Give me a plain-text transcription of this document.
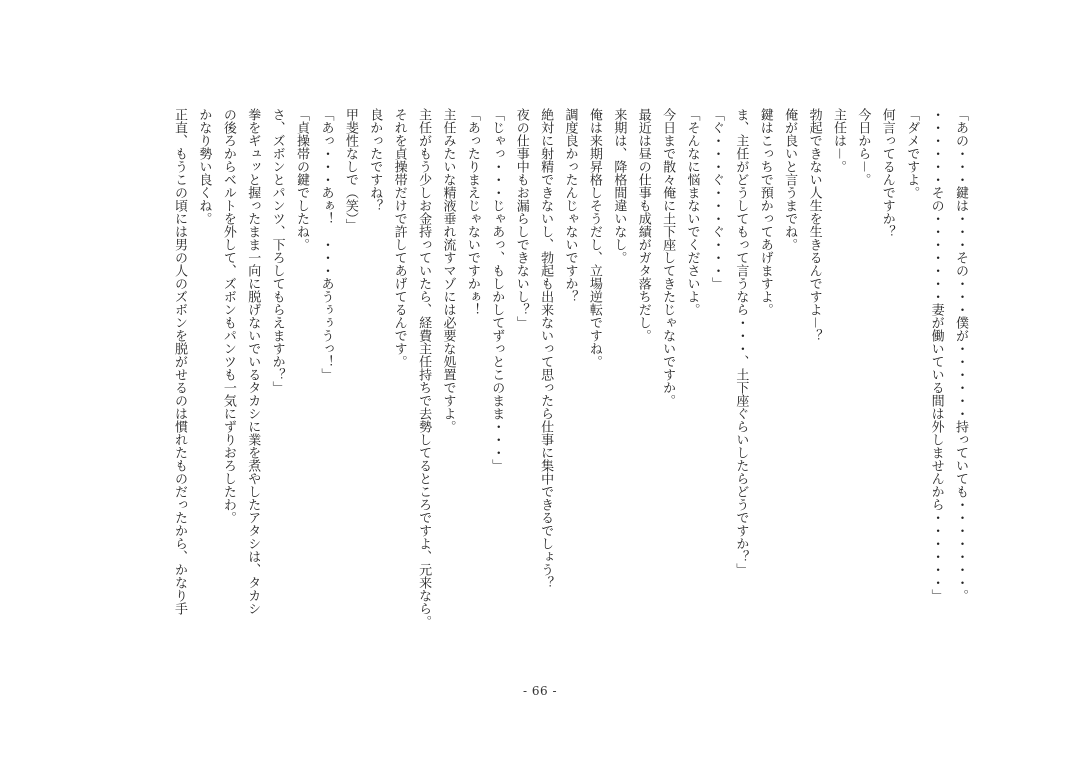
「あの・・・鍵は・・・その・・・僕が・・・・・・持っていても・・・・・・・。
・・・・・・その・・・・・・・妻が働いている間は外しませんから・・・・・・」
「ダメですよ。
何言ってるんですか？
今日から－。
主任は－。
勃起できない人生を生きるんですよ－？
俺が良いと言うまでね。
鍵はこっちで預かってあげますよ。
ま、主任がどうしてもって言うなら・・・、土下座ぐらいしたらどうですか？」
「ぐ・・・ぐ・・・ぐ・・・」
「そんなに悩まないでくださいよ。
今日まで散々俺に土下座してきたじゃないですか。
最近は昼の仕事も成績がガタ落ちだし。
来期は、降格間違いなし。
俺は来期昇格しそうだし、立場逆転ですね。
調度良かったんじゃないですか？
絶対に射精できないし、勃起も出来ないって思ったら仕事に集中できるでしょう？
夜の仕事中もお漏らしできないし？」
「じゃっ・・・じゃあっ、もしかしてずっとこのまま・・・」
「あったりまえじゃないですかぁ！
主任みたいな精液垂れ流すマゾには必要な処置ですよ。
主任がもう少しお金持っていたら、経費主任持ちで去勢してるところですよ、元来なら。
それを貞操帯だけで許してあげてるんです。
良かったですね？
甲斐性なしで（笑）」
「あっ・・・あぁ！　・・・あうぅぅうっ！」
「貞操帯の鍵でしたね。
さ、ズボンとパンツ、下ろしてもらえますか？」
拳をギュッと握ったまま一向に脱げないでいるタカシに業を煮やしたアタシは、タカシ
の後ろからベルトを外して、ズボンもパンツも一気にずりおろしたわ。
かなり勢い良くね。
正直、もうこの頃には男の人のズボンを脱がせるのは慣れたものだったから、かなり手
- 66 -
